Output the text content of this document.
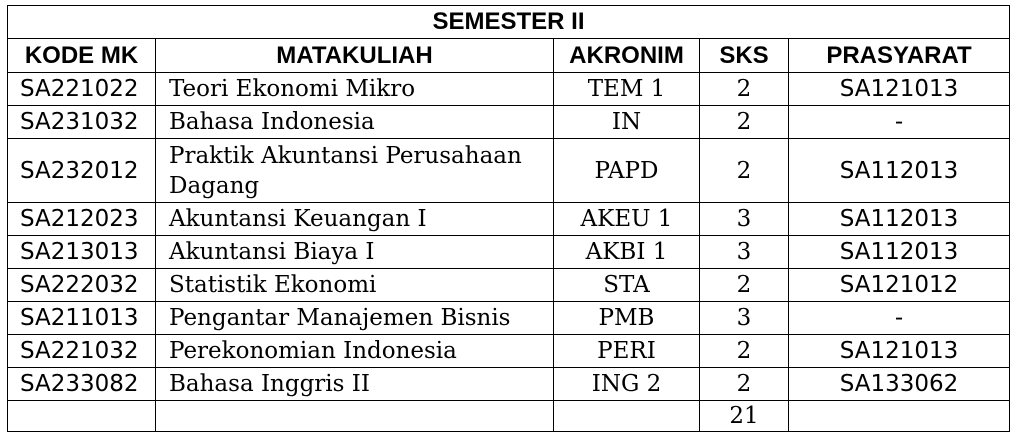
SEMESTER II				
KODE MK	MATAKULIAH	AKRONIM	SKS	PRASYARAT
SA221022	Teori Ekonomi Mikro	TEM 1	2	SA121013
SA231032	Bahasa Indonesia	IN	2	-
SA232012	Praktik Akuntansi Perusahaan Dagang	PAPD	2	SA112013
SA212023	Akuntansi Keuangan I	AKEU 1	3	SA112013
SA213013	Akuntansi Biaya I	AKBI 1	3	SA112013
SA222032	Statistik Ekonomi	STA	2	SA121012
SA211013	Pengantar Manajemen Bisnis	PMB	3	-
SA221032	Perekonomian Indonesia	PERI	2	SA121013
SA233082	Bahasa Inggris II	ING 2	2	SA133062
			21	
